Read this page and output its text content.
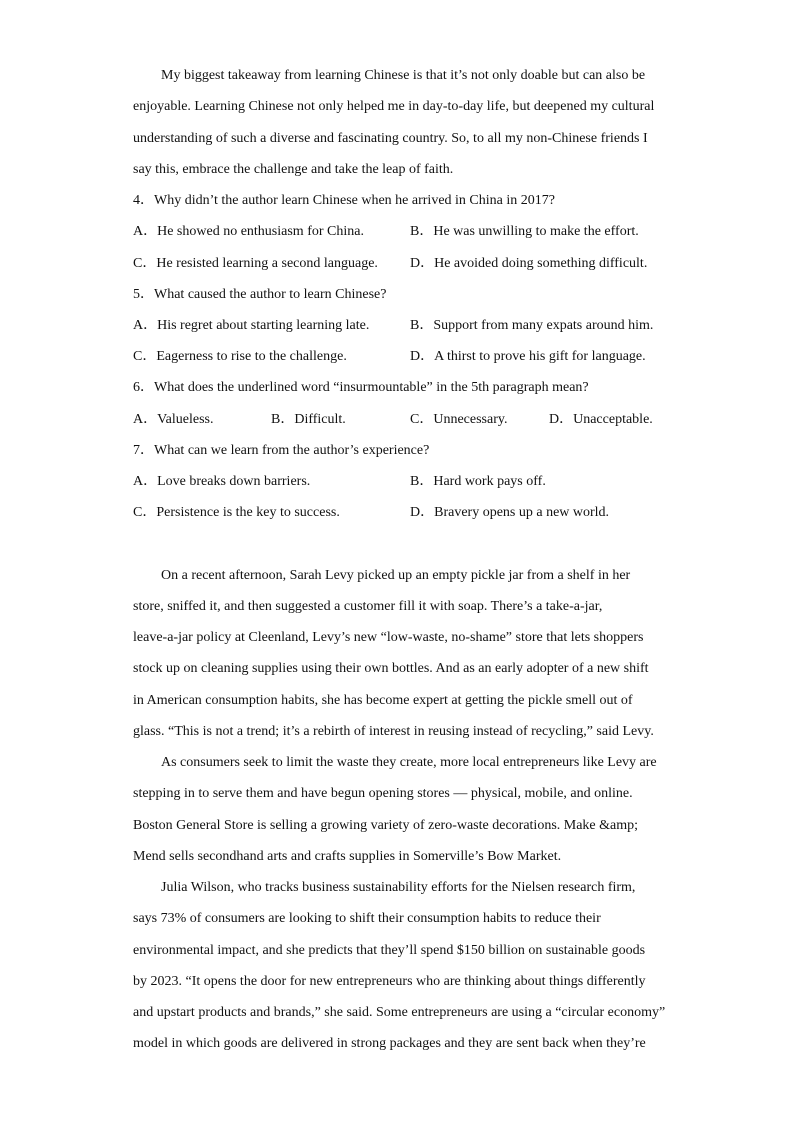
My biggest takeaway from learning Chinese is that it’s not only doable but can also be
enjoyable. Learning Chinese not only helped me in day-to-day life, but deepened my cultural
understanding of such a diverse and fascinating country. So, to all my non-Chinese friends I
say this, embrace the challenge and take the leap of faith.
4．Why didn’t the author learn Chinese when he arrived in China in 2017?
A．He showed no enthusiasm for China.	B．He was unwilling to make the effort.
C．He resisted learning a second language. D．He avoided doing something difficult.
5．What caused the author to learn Chinese?
A．His regret about starting learning late.	B．Support from many expats around him.
C．Eagerness to rise to the challenge.	D．A thirst to prove his gift for language.
6．What does the underlined word “insurmountable” in the 5th paragraph mean?
A．Valueless.	B．Difficult.	C．Unnecessary.	D．Unacceptable.
7．What can we learn from the author’s experience?
A．Love breaks down barriers.	B．Hard work pays off.
C．Persistence is the key to success.	D．Bravery opens up a new world.
On a recent afternoon, Sarah Levy picked up an empty pickle jar from a shelf in her
store, sniffed it, and then suggested a customer fill it with soap. There’s a take-a-jar,
leave-a-jar policy at Cleenland, Levy’s new “low-waste, no-shame” store that lets shoppers
stock up on cleaning supplies using their own bottles. And as an early adopter of a new shift
in American consumption habits, she has become expert at getting the pickle smell out of
glass. “This is not a trend; it’s a rebirth of interest in reusing instead of recycling,” said Levy.
As consumers seek to limit the waste they create, more local entrepreneurs like Levy are
stepping in to serve them and have begun opening stores — physical, mobile, and online.
Boston General Store is selling a growing variety of zero-waste decorations. Make &amp;
Mend sells secondhand arts and crafts supplies in Somerville’s Bow Market.
Julia Wilson, who tracks business sustainability efforts for the Nielsen research firm,
says 73% of consumers are looking to shift their consumption habits to reduce their
environmental impact, and she predicts that they’ll spend $150 billion on sustainable goods
by 2023. “It opens the door for new entrepreneurs who are thinking about things differently
and upstart products and brands,” she said. Some entrepreneurs are using a “circular economy”
model in which goods are delivered in strong packages and they are sent back when they’re
